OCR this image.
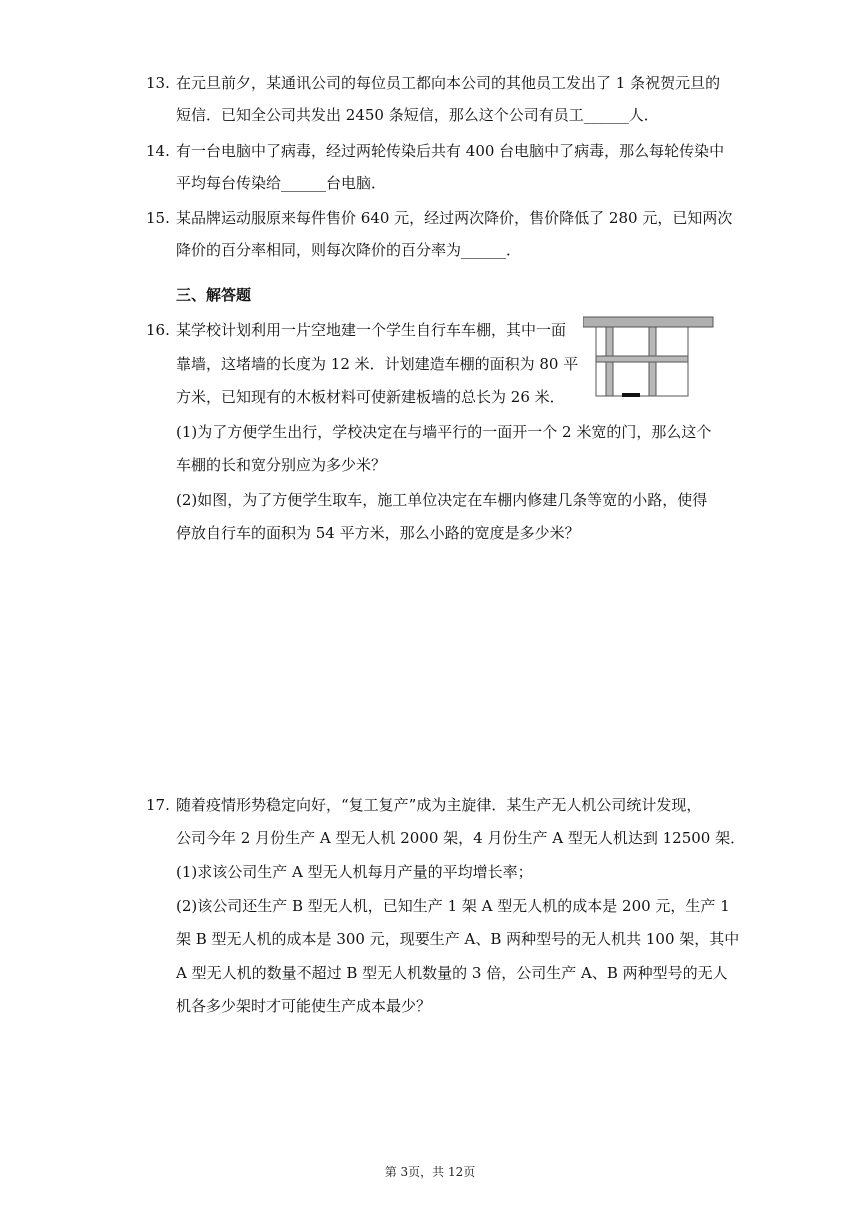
13. 在元旦前夕，某通讯公司的每位员工都向本公司的其他员工发出了 1 条祝贺元旦的
短信．已知全公司共发出 2450 条短信，那么这个公司有员工______人．
14. 有一台电脑中了病毒，经过两轮传染后共有 400 台电脑中了病毒，那么每轮传染中
平均每台传染给______台电脑．
15. 某品牌运动服原来每件售价 640 元，经过两次降价，售价降低了 280 元，已知两次
降价的百分率相同，则每次降价的百分率为______．
三、解答题
16. 某学校计划利用一片空地建一个学生自行车车棚，其中一面
靠墙，这堵墙的长度为 12 米．计划建造车棚的面积为 80 平
方米，已知现有的木板材料可使新建板墙的总长为 26 米．
(1)为了方便学生出行，学校决定在与墙平行的一面开一个 2 米宽的门，那么这个
车棚的长和宽分别应为多少米？
(2)如图，为了方便学生取车，施工单位决定在车棚内修建几条等宽的小路，使得
停放自行车的面积为 54 平方米，那么小路的宽度是多少米？
17. 随着疫情形势稳定向好，“复工复产”成为主旋律．某生产无人机公司统计发现，
公司今年 2 月份生产 A 型无人机 2000 架，4 月份生产 A 型无人机达到 12500 架．
(1)求该公司生产 A 型无人机每月产量的平均增长率；
(2)该公司还生产 B 型无人机，已知生产 1 架 A 型无人机的成本是 200 元，生产 1
架 B 型无人机的成本是 300 元，现要生产 A、B 两种型号的无人机共 100 架，其中
A 型无人机的数量不超过 B 型无人机数量的 3 倍，公司生产 A、B 两种型号的无人
机各多少架时才可能使生产成本最少？
第 3页，共 12页
